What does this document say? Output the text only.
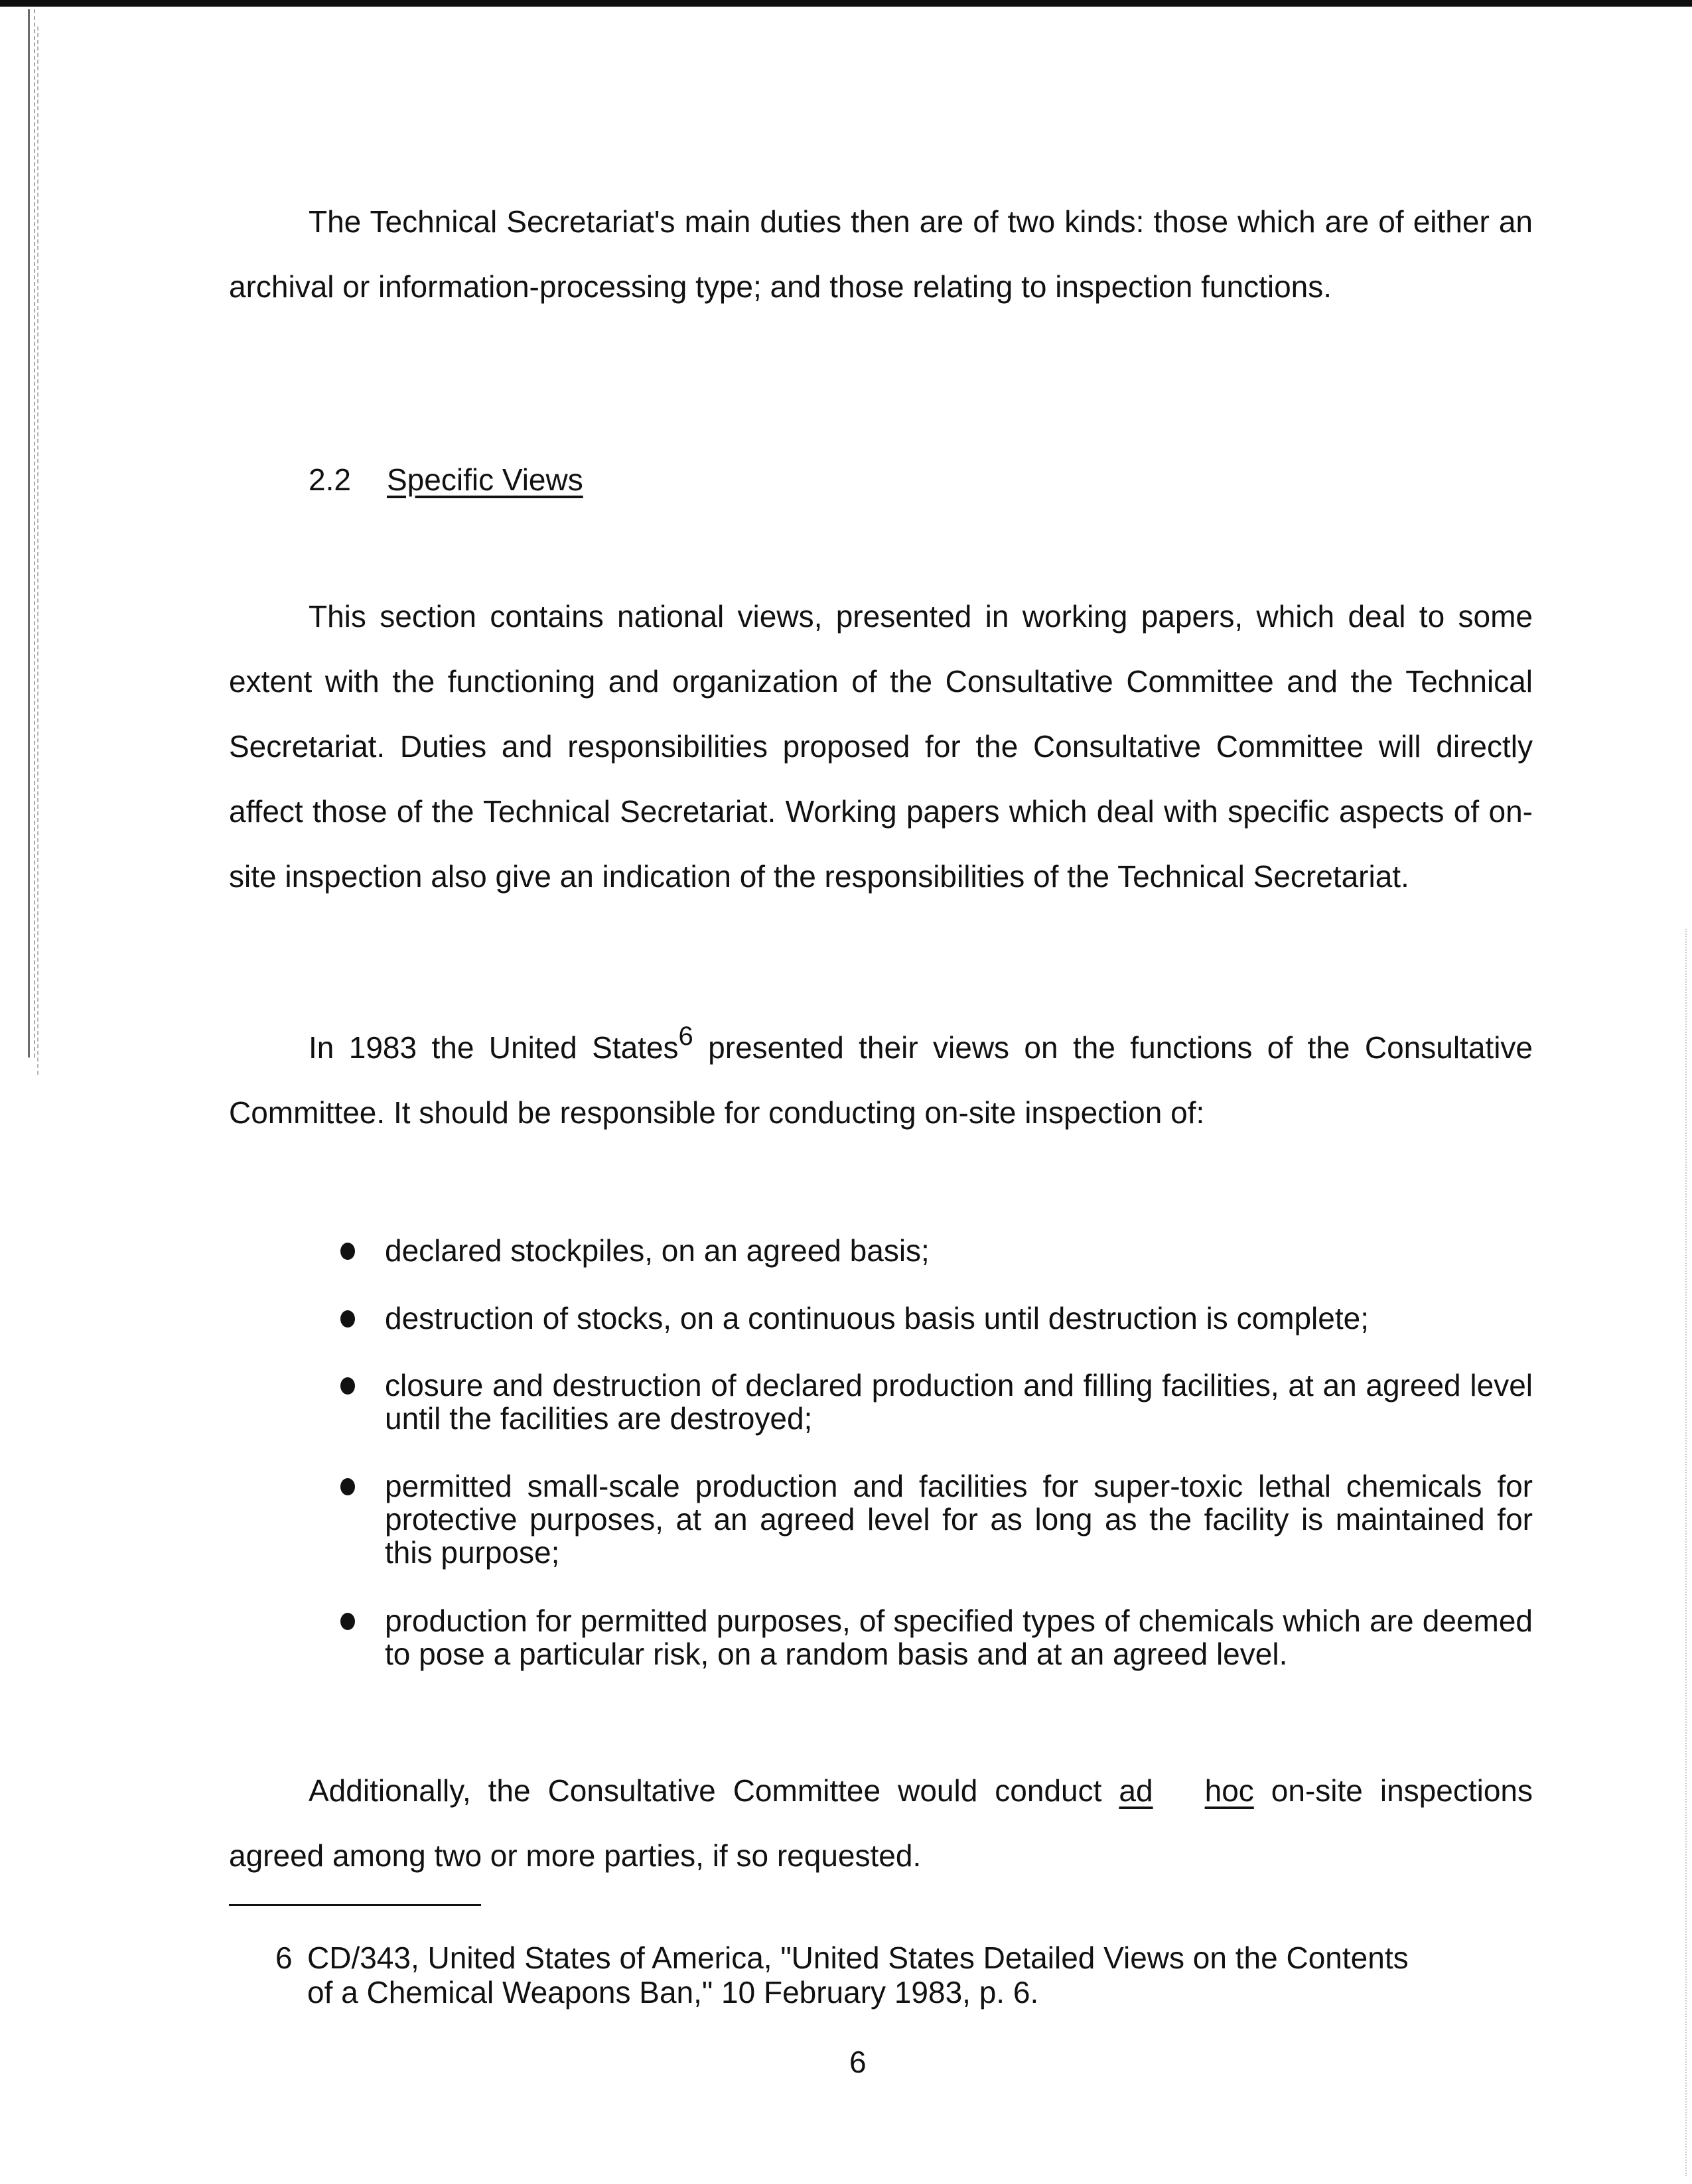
The Technical Secretariat's main duties then are of two kinds: those which are of either an archival or information-processing type; and those relating to inspection functions.

2.2 Specific Views

This section contains national views, presented in working papers, which deal to some extent with the functioning and organization of the Consultative Committee and the Technical Secretariat. Duties and responsibilities proposed for the Consultative Committee will directly affect those of the Technical Secretariat. Working papers which deal with specific aspects of on-site inspection also give an indication of the responsibilities of the Technical Secretariat.

In 1983 the United States$^6$ presented their views on the functions of the Consultative Committee. It should be responsible for conducting on-site inspection of:

declared stockpiles, on an agreed basis;
destruction of stocks, on a continuous basis until destruction is complete;
closure and destruction of declared production and filling facilities, at an agreed level until the facilities are destroyed;
permitted small-scale production and facilities for super-toxic lethal chemicals for protective purposes, at an agreed level for as long as the facility is maintained for this purpose;
production for permitted purposes, of specified types of chemicals which are deemed to pose a particular risk, on a random basis and at an agreed level.

Additionally, the Consultative Committee would conduct ad hoc on-site inspections agreed among two or more parties, if so requested.

6 CD/343, United States of America, "United States Detailed Views on the Contents
of a Chemical Weapons Ban," 10 February 1983, p. 6.
6
